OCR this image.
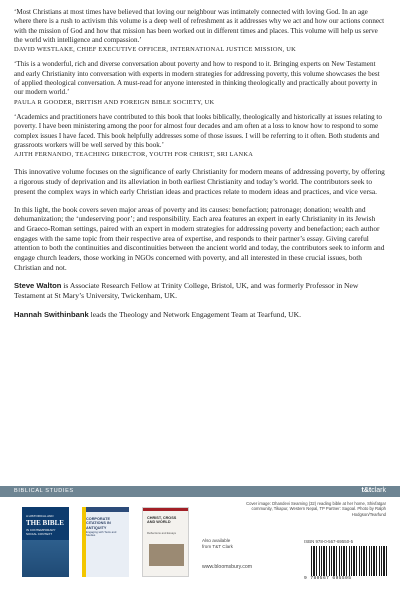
‘Most Christians at most times have believed that loving our neighbour was intimately connected with loving God. In an age where there is a rush to activism this volume is a deep well of refreshment as it addresses why we act and how our actions connect with the mission of God and how that mission has been worked out in different times and places. This volume will help us serve the world with intelligence and compassion.’
DAVID WESTLAKE, CHIEF EXECUTIVE OFFICER, INTERNATIONAL JUSTICE MISSION, UK
‘This is a wonderful, rich and diverse conversation about poverty and how to respond to it. Bringing experts on New Testament and early Christianity into conversation with experts in modern strategies for addressing poverty, this volume showcases the best of applied theological conversation. A must-read for anyone interested in thinking theologically and practically about poverty in our modern world.’
PAULA R GOODER, BRITISH AND FOREIGN BIBLE SOCIETY, UK
‘Academics and practitioners have contributed to this book that looks biblically, theologically and historically at issues relating to poverty. I have been ministering among the poor for almost four decades and am often at a loss to know how to respond to some complex issues I have faced. This book helpfully addresses some of those issues. I will be referring to it often. Both students and grassroots workers will be well served by this book.’
AJITH FERNANDO, TEACHING DIRECTOR, YOUTH FOR CHRIST, SRI LANKA

This innovative volume focuses on the significance of early Christianity for modern means of addressing poverty, by offering a rigorous study of deprivation and its alleviation in both earliest Christianity and today’s world. The contributors seek to present the complex ways in which early Christian ideas and practices relate to modern ideas and practices, and vice versa.

In this light, the book covers seven major areas of poverty and its causes: benefaction; patronage; donation; wealth and dehumanization; the ‘undeserving poor’; and responsibility. Each area features an expert in early Christianity in its Jewish and Graeco-Roman settings, paired with an expert in modern strategies for addressing poverty and benefaction; each author engages with the same topic from their respective area of expertise, and responds to their partner’s essay. Giving careful attention to both the continuities and discontinuities between the ancient world and today, the contributors seek to inform and engage church leaders, those working in NGOs concerned with poverty, and all interested in these crucial issues, both Christian and not.

Steve Walton is Associate Research Fellow at Trinity College, Bristol, UK, and was formerly Professor in New Testament at St Mary’s University, Twickenham, UK.

Hannah Swithinbank leads the Theology and Network Engagement Team at Tearfund, UK.

BIBLICAL STUDIES	t&tclark
A HISTORICAL AND
THE BIBLE
IN CONTEMPORARY SOCIAL CONTEXT
CORPORATE CITATIONS IN ANTIQUITY
Engaging with Texts and Studies
CHRIST, CROSS AND WORLD
Reflections and Essays
Also available
from T&T Clark
www.bloomsbury.com
Cover image: Dhandevi Seaming (32) reading bible at her home, Shivfatgar community, Tikapur, Western Nepal, TP Partner: Sagoal. Photo by Ralph Hodgson/Tearfund
ISBN 978-0-567-69550-5
9 780567 695505
